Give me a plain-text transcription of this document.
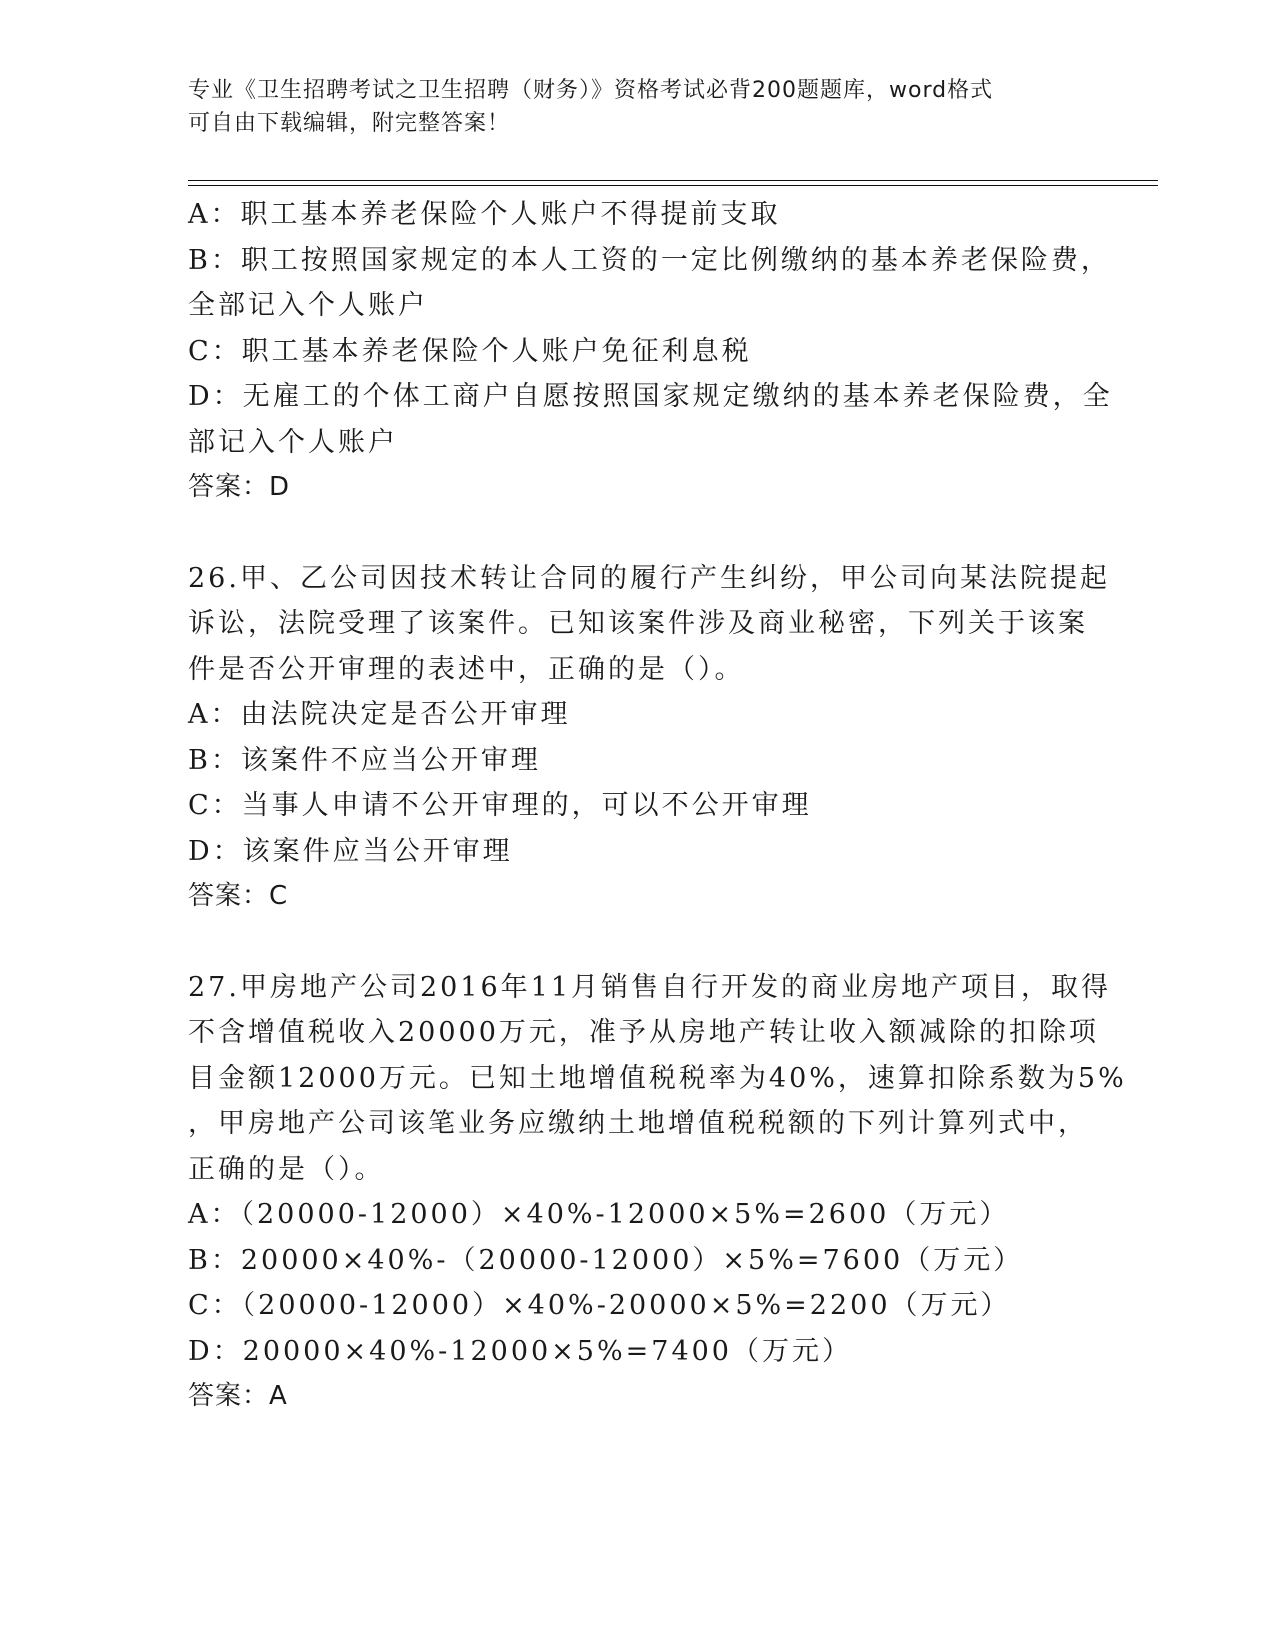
专业《卫生招聘考试之卫生招聘（财务）》资格考试必背200题题库，word格式
可自由下载编辑，附完整答案！
A：职工基本养老保险个人账户不得提前支取
B：职工按照国家规定的本人工资的一定比例缴纳的基本养老保险费，
全部记入个人账户
C：职工基本养老保险个人账户免征利息税
D：无雇工的个体工商户自愿按照国家规定缴纳的基本养老保险费，全
部记入个人账户
答案：D
26.甲、乙公司因技术转让合同的履行产生纠纷，甲公司向某法院提起
诉讼，法院受理了该案件。已知该案件涉及商业秘密，下列关于该案
件是否公开审理的表述中，正确的是（）。
A：由法院决定是否公开审理
B：该案件不应当公开审理
C：当事人申请不公开审理的，可以不公开审理
D：该案件应当公开审理
答案：C
27.甲房地产公司2016年11月销售自行开发的商业房地产项目，取得
不含增值税收入20000万元，准予从房地产转让收入额减除的扣除项
目金额12000万元。已知土地增值税税率为40%，速算扣除系数为5%
，甲房地产公司该笔业务应缴纳土地增值税税额的下列计算列式中，
正确的是（）。
A：（20000-12000）×40%-12000×5%=2600（万元）
B：20000×40%-（20000-12000）×5%=7600（万元）
C：（20000-12000）×40%-20000×5%=2200（万元）
D：20000×40%-12000×5%=7400（万元）
答案：A
